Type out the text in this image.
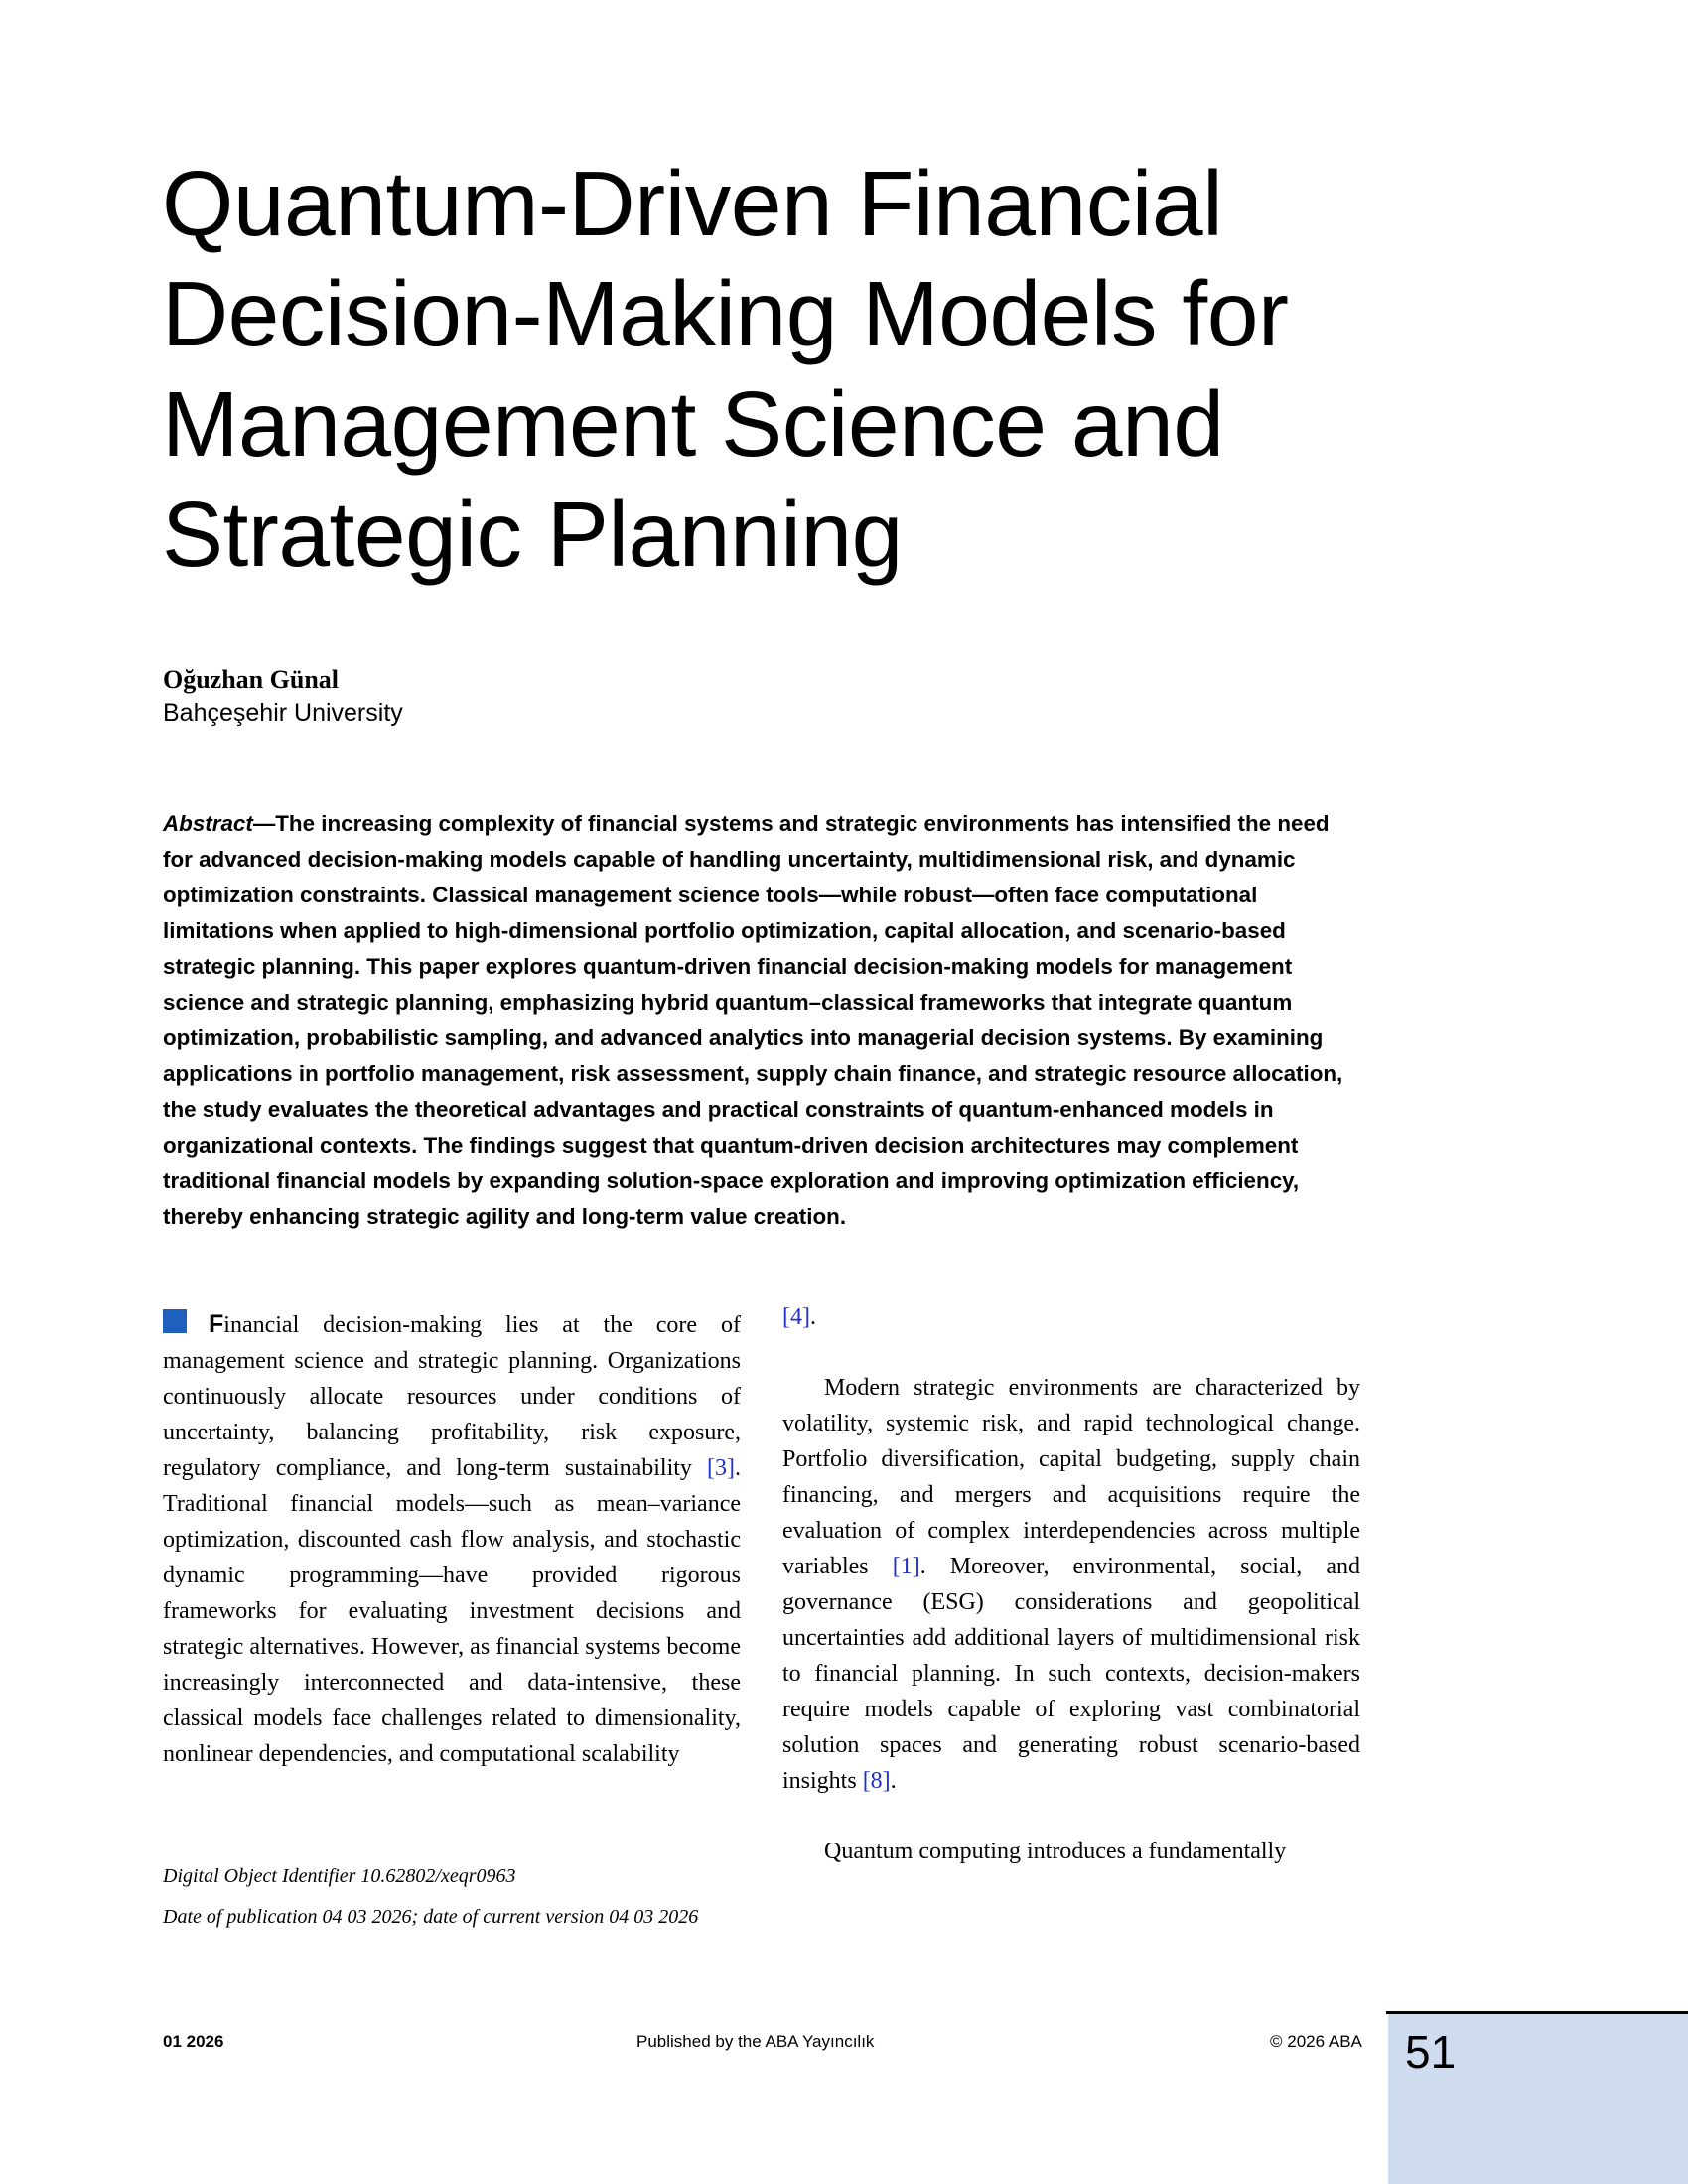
Quantum-Driven Financial Decision-Making Models for Management Science and Strategic Planning
Oğuzhan Günal
Bahçeşehir University

Abstract—The increasing complexity of financial systems and strategic environments has intensified the need for advanced decision-making models capable of handling uncertainty, multidimensional risk, and dynamic optimization constraints. Classical management science tools—while robust—often face computational limitations when applied to high-dimensional portfolio optimization, capital allocation, and scenario-based strategic planning. This paper explores quantum-driven financial decision-making models for management science and strategic planning, emphasizing hybrid quantum–classical frameworks that integrate quantum optimization, probabilistic sampling, and advanced analytics into managerial decision systems. By examining applications in portfolio management, risk assessment, supply chain finance, and strategic resource allocation, the study evaluates the theoretical advantages and practical constraints of quantum-enhanced models in organizational contexts. The findings suggest that quantum-driven decision architectures may complement traditional financial models by expanding solution-space exploration and improving optimization efficiency, thereby enhancing strategic agility and long-term value creation.

Financial decision-making lies at the core of management science and strategic planning. Organizations continuously allocate resources under conditions of uncertainty, balancing profitability, risk exposure, regulatory compliance, and long-term sustainability [3]. Traditional financial models—such as mean–variance optimization, discounted cash flow analysis, and stochastic dynamic programming—have provided rigorous frameworks for evaluating investment decisions and strategic alternatives. However, as financial systems become increasingly interconnected and data-intensive, these classical models face challenges related to dimensionality, nonlinear dependencies, and computational scalability

[4].

Modern strategic environments are characterized by volatility, systemic risk, and rapid technological change. Portfolio diversification, capital budgeting, supply chain financing, and mergers and acquisitions require the evaluation of complex interdependencies across multiple variables [1]. Moreover, environmental, social, and governance (ESG) considerations and geopolitical uncertainties add additional layers of multidimensional risk to financial planning. In such contexts, decision-makers require models capable of exploring vast combinatorial solution spaces and generating robust scenario-based insights [8].

Quantum computing introduces a fundamentally

Digital Object Identifier 10.62802/xeqr0963

Date of publication 04 03 2026; date of current version 04 03 2026

01 2026	Published by the ABA Yayıncılık	© 2026 ABA 51
